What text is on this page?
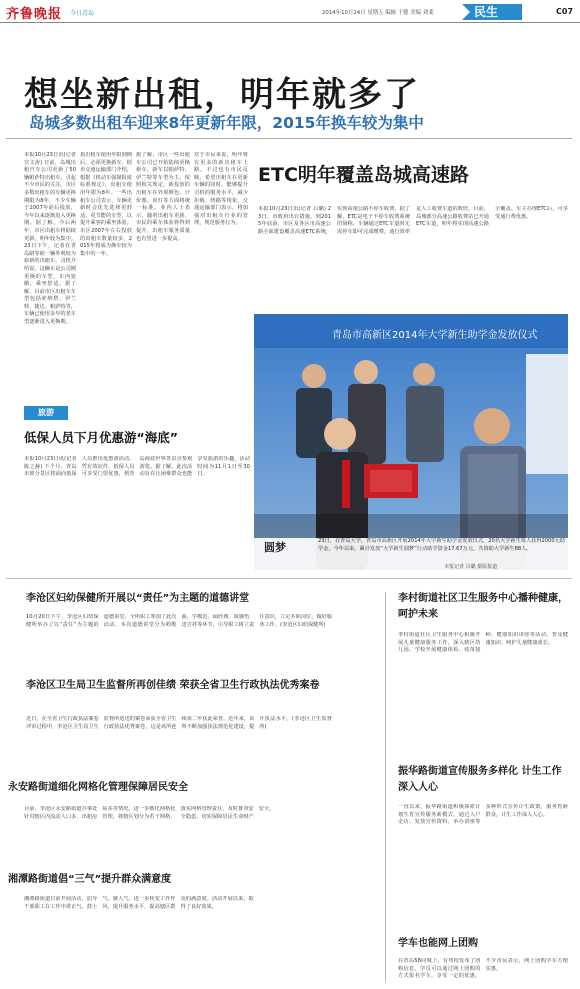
齐鲁晚报 今日青岛	2014年10月24日 星期五 编辑 于健 美编 刘斐	民生	C07
想坐新出租，明年就多了
岛城多数出租车迎来8年更新年限，2015年换车较为集中
本报10月23日讯(记者 宫文涛) 日前，岛城出租汽车公司更新了50辆帕萨特出租车，引起不少市民的关注。市区多数出租车的车辆更换期限为8年，不少车辆于2007年前后投放，今年以来逐渐进入更换期。据了解，今后两年，市区出租车将陆续更新，明年较为集中。 23日下午，记者在青岛路等候一辆外观较为崭新的出租车。司机介绍说，这辆车是公司刚更换的车型，车内宽敞，乘坐舒适。据了解，目前市区出租车车型包括索纳塔、伊兰特、捷达、帕萨特等，车辆已使用多年的老车型逐渐进入更换期。
指出租车使用年限到期后，必须更换新车。据市交通运输部门介绍，根据《机动车强制报废标准规定》，出租车使用年限为8年。一些出租车公司表示，车辆更新时会优先选择更舒适、更节能的车型，以提升乘客的乘坐体验。市区2007年左右投放的出租车数量较多，2015年将成为换车较为集中的一年。
据了解，市区一些出租车公司已开始陆续更换新车，新车以帕萨特、伊兰特等车型为主。按照相关规定，新投放的出租车在外观颜色、计价器、顶灯等方面将统一标准。业内人士表示，随着出租车更新，市民的乘车体验将得到提升，出租车服务质量也有望进一步提高。
对于市民来说，明年将有更多的新出租车上路。不过也有市民反映，希望出租车在更新车辆的同时，能够提升司机的服务水平，减少拒载、绕路等现象。交通运输部门表示，将加强对出租车行业的管理，规范服务行为。
ETC明年覆盖岛城高速路
本报10月23日讯(记者 吕璐) 23日，市政府出台措施，到2015年底前，市区及各区市高速公路全面建设覆盖高速ETC系统，实现高速公路不停车收费。据了解，ETC是电子不停车收费系统的简称，车辆通过ETC车道时无需停车即可完成缴费，通行效率是人工收费车道的数倍。目前，岛城部分高速公路收费站已开通ETC车道，明年将实现高速公路全覆盖。车主办理ETC后，可享受通行费优惠。
旅游
低保人员下月优惠游“海底”
本报10月23日讯(记者 陈之赫) 下个月，青岛市部分景区将面向低保人员推出优惠游活动。凭有效证件，低保人员可享受门票优惠，到青岛海底世界等景点参观游览。据了解，此次活动旨在让困难群众也能享受旅游的乐趣，活动时间为11月1日至30日。
青岛市高新区2014年大学新生助学金发放仪式
圆梦	23日，在青岛大学，青岛市高新区开展2014年大学新生助学金发放仪式，20名大学新生每人获得2000元助学金，今年以来，累计发放“大学新生圆梦”行动助学资金17.67万元，共资助大学新生88人。
本报记者 吕璐 摄影报道
李沧区妇幼保健所开展以“责任”为主题的道德讲堂
10月20日下午，李沧区妇幼保健所举办了以“责任”为主题的道德讲堂，全所职工参加了此次活动。本次道德讲堂分为唱歌曲、学模范、诵经典、谈感悟、送吉祥等环节，引导职工树立责任意识，立足本职岗位，做好服务工作。(李沧区妇幼保健所)
李沧区卫生局卫生监督所再创佳绩 荣获全省卫生行政执法优秀案卷
近日，在全省卫生行政执法案卷评审过程中，李沧区卫生局卫生监督所选送的案卷荣获全省卫生行政执法优秀案卷，这是该所连续第二年获此荣誉。近年来，该所不断加强执法规范化建设，提升执法水平。(李沧区卫生监督所)
永安路街道细化网格化管理保障居民安全
目前，李沧区永安路街道办事处针对辖区内流动人口多、出租房屋多等情况，进一步细化网格化管理，将辖区划分为若干网格，落实网格管理责任，及时排查安全隐患，切实保障居民生命财产安全。
湘潭路街道倡“三气”提升群众满意度
湘潭路街道日前开展活动，倡导干部职工在工作中讲正气、鼓士气、聚人气，进一步转变工作作风，提升服务水平，提高辖区群众的满意度。活动开展以来，取得了良好效果。
李村街道社区卫生服务中心播种健康，呵护未来
李村街道社区卫生服务中心积极开展儿童健康服务工作，深入辖区幼儿园、学校开展健康体检、疫苗接种、健康知识讲座等活动，普及健康知识，呵护儿童健康成长。
振华路街道宣传服务多样化 计生工作深入人心
一直以来，振华路街道积极探索计划生育宣传服务新模式，通过入户走访、发放宣传资料、举办讲座等多种形式宣传计生政策，服务育龄群众，计生工作深入人心。
学车也能网上团购
在青岛58同城上，有驾校发布了团购信息，学员可以通过网上团购的方式报名学车，享受一定的优惠。不少市民表示，网上团购学车方便实惠。
